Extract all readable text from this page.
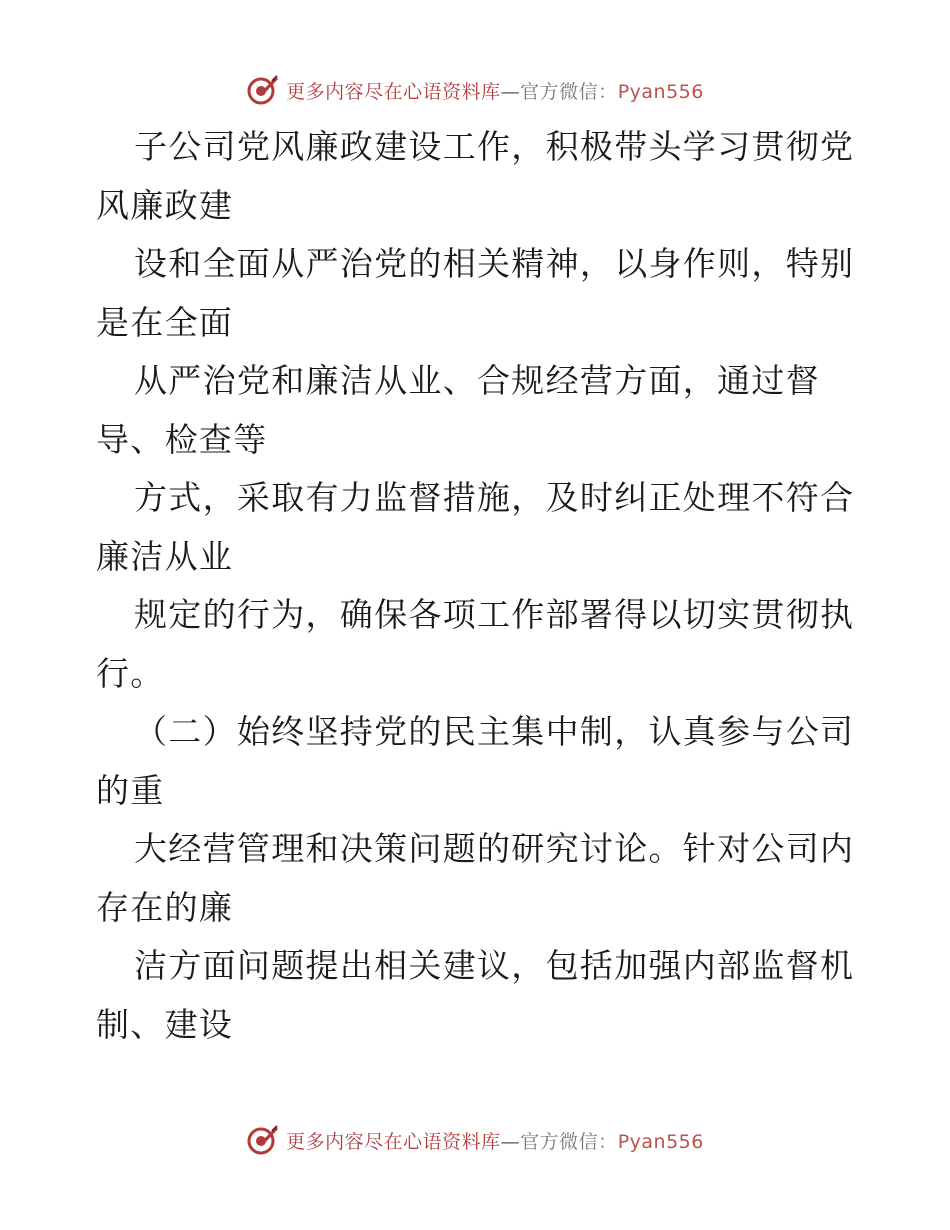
更多内容尽在心语资料库—官方微信：Pyan556
子公司党风廉政建设工作，积极带头学习贯彻党
风廉政建
设和全面从严治党的相关精神，以身作则，特别
是在全面
从严治党和廉洁从业、合规经营方面，通过督
导、检查等
方式，采取有力监督措施，及时纠正处理不符合
廉洁从业
规定的行为，确保各项工作部署得以切实贯彻执
行。
（二）始终坚持党的民主集中制，认真参与公司
的重
大经营管理和决策问题的研究讨论。针对公司内
存在的廉
洁方面问题提出相关建议，包括加强内部监督机
制、建设
更多内容尽在心语资料库—官方微信：Pyan556
